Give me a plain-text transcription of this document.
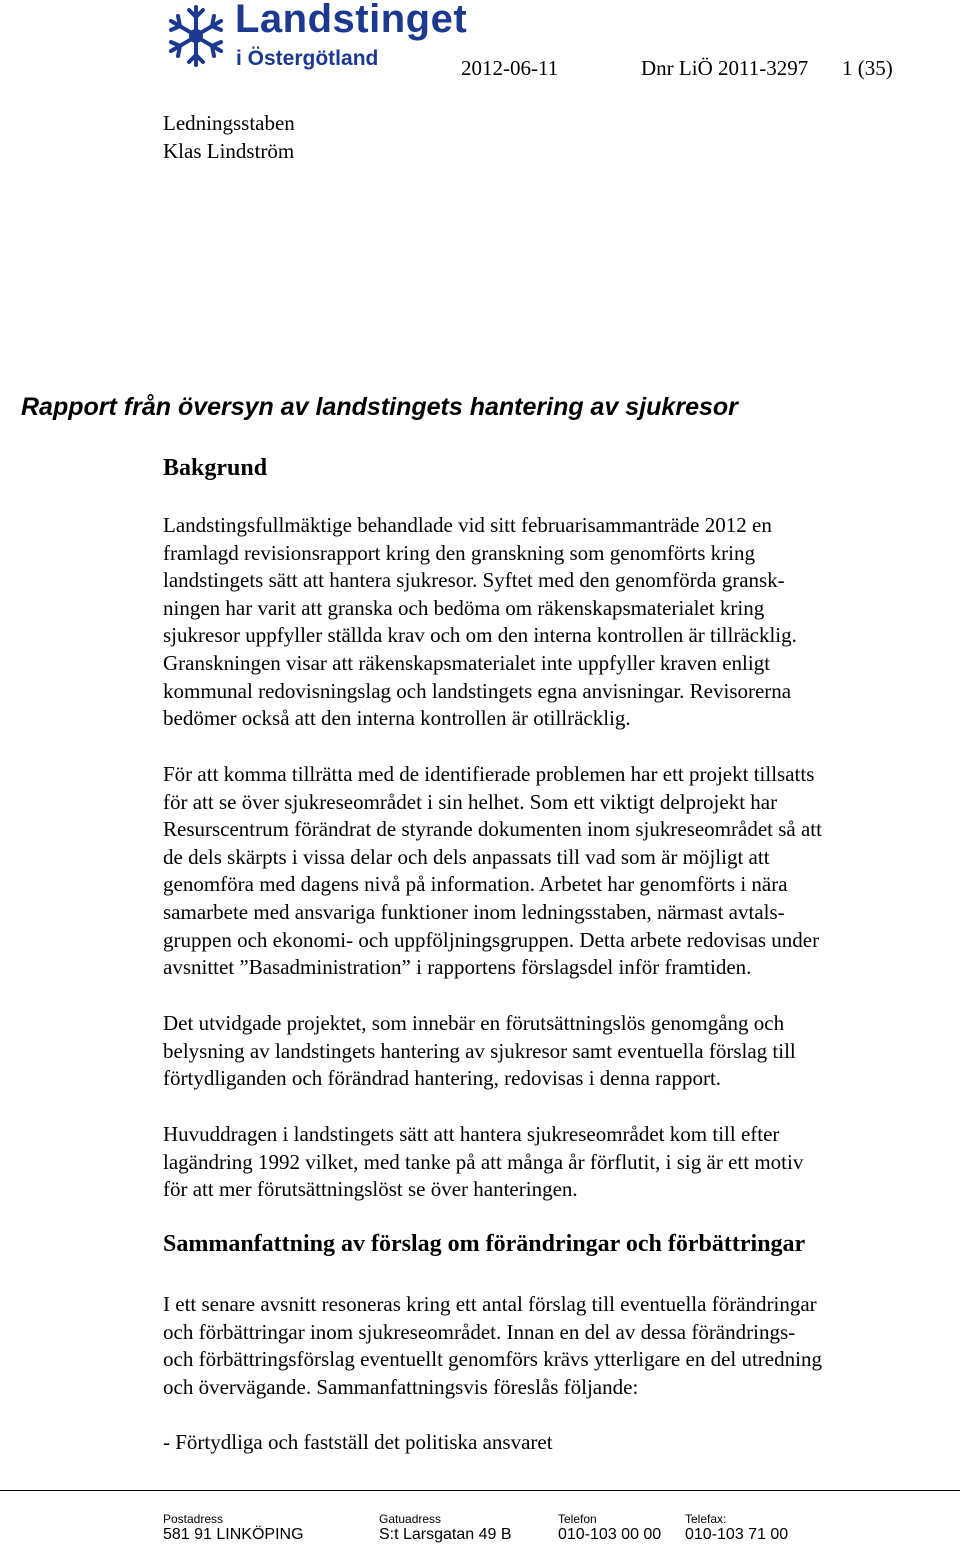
Landstinget
i Östergötland	2012-06-11	Dnr LiÖ 2011-3297 1 (35)
Ledningsstaben
Klas Lindström
Rapport från översyn av landstingets hantering av sjukresor
Bakgrund
Landstingsfullmäktige behandlade vid sitt februarisammanträde 2012 en
framlagd revisionsrapport kring den granskning som genomförts kring
landstingets sätt att hantera sjukresor. Syftet med den genomförda gransk-
ningen har varit att granska och bedöma om räkenskapsmaterialet kring
sjukresor uppfyller ställda krav och om den interna kontrollen är tillräcklig.
Granskningen visar att räkenskapsmaterialet inte uppfyller kraven enligt
kommunal redovisningslag och landstingets egna anvisningar. Revisorerna
bedömer också att den interna kontrollen är otillräcklig.
För att komma tillrätta med de identifierade problemen har ett projekt tillsatts
för att se över sjukreseområdet i sin helhet. Som ett viktigt delprojekt har
Resurscentrum förändrat de styrande dokumenten inom sjukreseområdet så att
de dels skärpts i vissa delar och dels anpassats till vad som är möjligt att
genomföra med dagens nivå på information. Arbetet har genomförts i nära
samarbete med ansvariga funktioner inom ledningsstaben, närmast avtals-
gruppen och ekonomi- och uppföljningsgruppen. Detta arbete redovisas under
avsnittet ”Basadministration” i rapportens förslagsdel inför framtiden.
Det utvidgade projektet, som innebär en förutsättningslös genomgång och
belysning av landstingets hantering av sjukresor samt eventuella förslag till
förtydliganden och förändrad hantering, redovisas i denna rapport.
Huvuddragen i landstingets sätt att hantera sjukreseområdet kom till efter
lagändring 1992 vilket, med tanke på att många år förflutit, i sig är ett motiv
för att mer förutsättningslöst se över hanteringen.
Sammanfattning av förslag om förändringar och förbättringar
I ett senare avsnitt resoneras kring ett antal förslag till eventuella förändringar
och förbättringar inom sjukreseområdet. Innan en del av dessa förändrings-
och förbättringsförslag eventuellt genomförs krävs ytterligare en del utredning
och övervägande. Sammanfattningsvis föreslås följande:
- Förtydliga och fastställ det politiska ansvaret
Postadress
581 91 LINKÖPING
Gatuadress
S:t Larsgatan 49 B
Telefon
010-103 00 00
Telefax:
010-103 71 00
